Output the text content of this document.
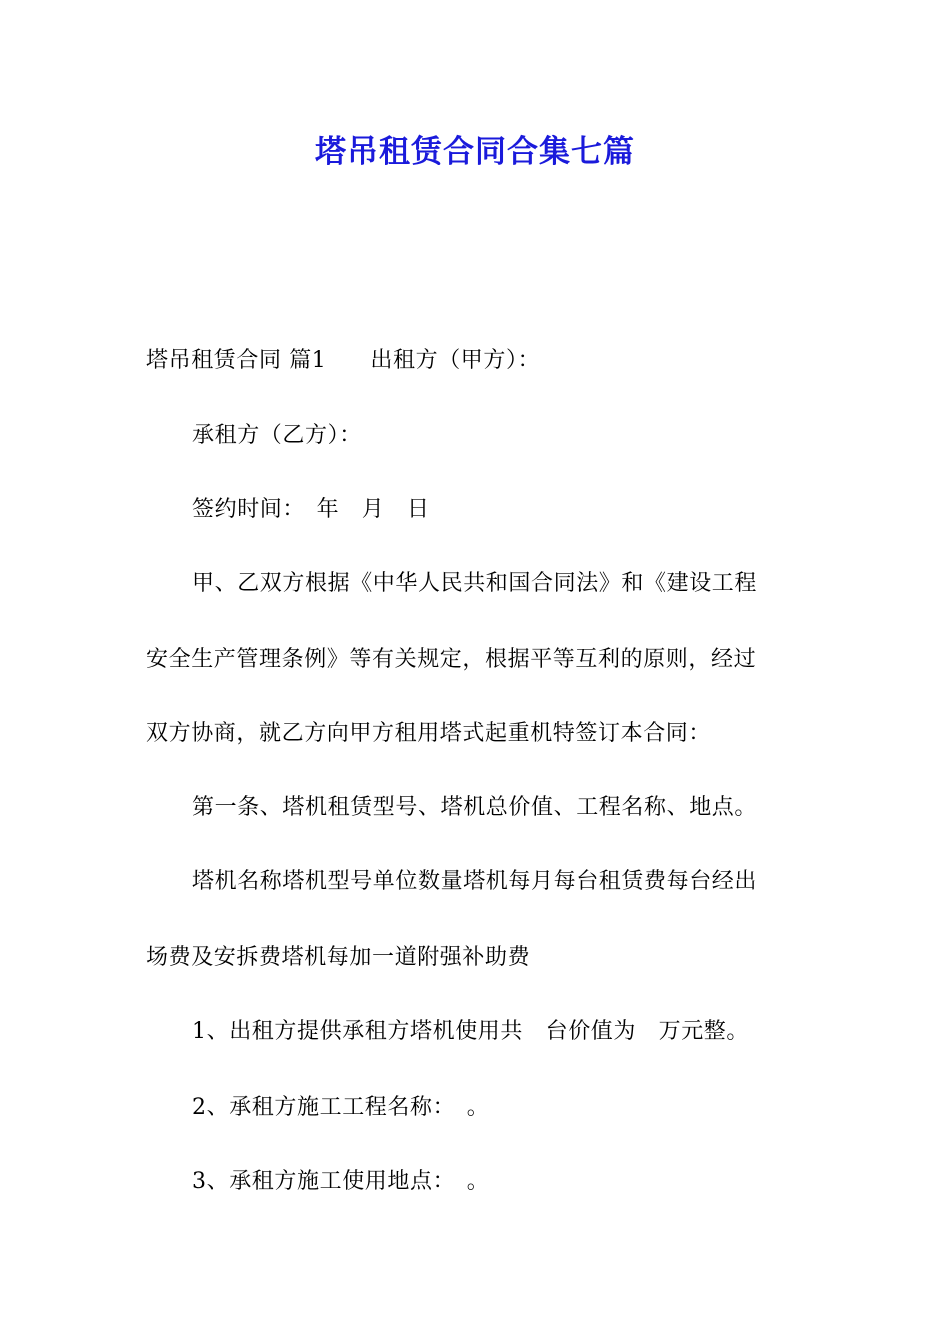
塔吊租赁合同合集七篇
塔吊租赁合同 篇1 出租方（甲方）：
承租方（乙方）：
签约时间：　年　月　日
甲、乙双方根据《中华人民共和国合同法》和《建设工程
安全生产管理条例》等有关规定，根据平等互利的原则，经过
双方协商，就乙方向甲方租用塔式起重机特签订本合同：
第一条、塔机租赁型号、塔机总价值、工程名称、地点。
塔机名称塔机型号单位数量塔机每月每台租赁费每台经出
场费及安拆费塔机每加一道附强补助费
1、出租方提供承租方塔机使用共　台价值为　万元整。
2、承租方施工工程名称：　。
3、承租方施工使用地点：　。
